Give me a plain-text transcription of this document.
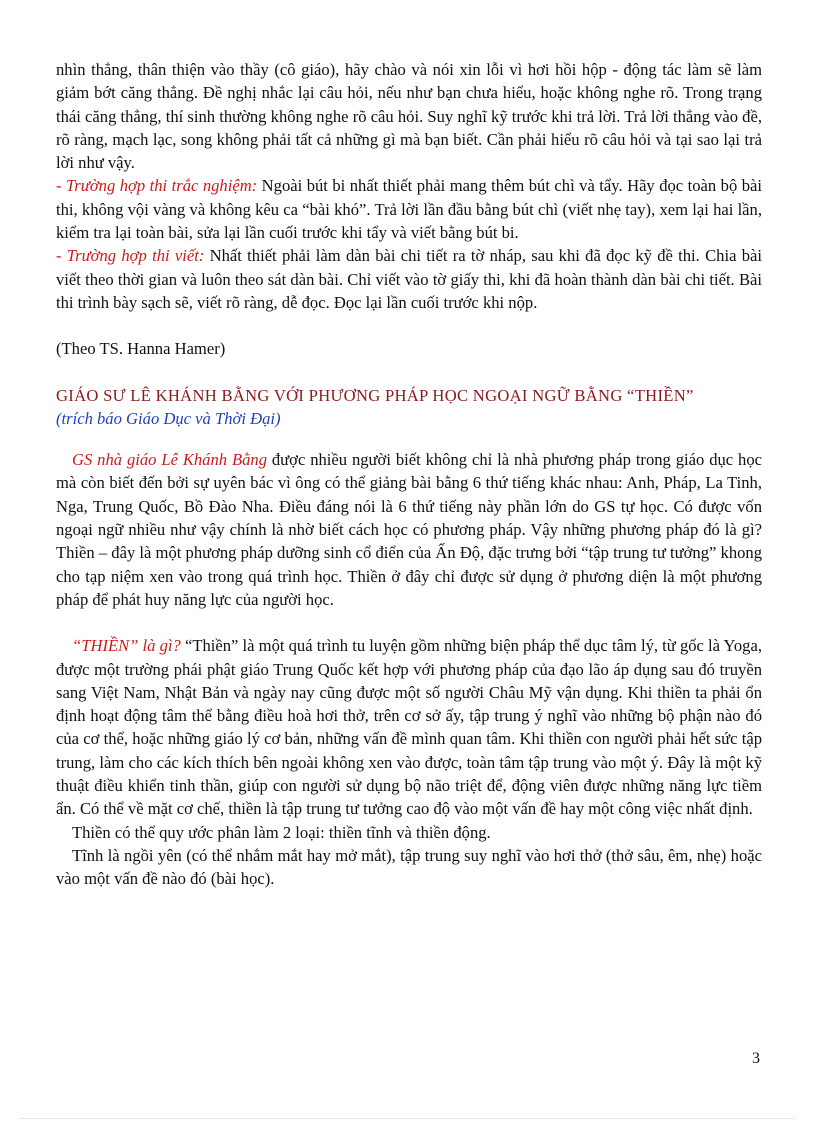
nhìn thẳng, thân thiện vào thầy (cô giáo), hãy chào và nói xin lỗi vì hơi hồi hộp - động tác làm sẽ làm giảm bớt căng thẳng. Đề nghị nhắc lại câu hỏi, nếu như bạn chưa hiểu, hoặc không nghe rõ. Trong trạng thái căng thẳng, thí sinh thường không nghe rõ câu hỏi. Suy nghĩ kỹ trước khi trả lời. Trả lời thẳng vào đề, rõ ràng, mạch lạc, song không phải tất cả những gì mà bạn biết. Cần phải hiểu rõ câu hỏi và tại sao lại trả lời như vậy.

- Trường hợp thi trắc nghiệm: Ngoài bút bi nhất thiết phải mang thêm bút chì và tẩy. Hãy đọc toàn bộ bài thi, không vội vàng và không kêu ca “bài khó”. Trả lời lần đầu bằng bút chì (viết nhẹ tay), xem lại hai lần, kiểm tra lại toàn bài, sửa lại lần cuối trước khi tẩy và viết bằng bút bi.

- Trường hợp thi viết: Nhất thiết phải làm dàn bài chi tiết ra tờ nháp, sau khi đã đọc kỹ đề thi. Chia bài viết theo thời gian và luôn theo sát dàn bài. Chỉ viết vào tờ giấy thi, khi đã hoàn thành dàn bài chi tiết. Bài thi trình bày sạch sẽ, viết rõ ràng, dễ đọc. Đọc lại lần cuối trước khi nộp.

(Theo TS. Hanna Hamer)

GIÁO SƯ LÊ KHÁNH BẰNG VỚI PHƯƠNG PHÁP HỌC NGOẠI NGỮ BẰNG “THIỀN”

(trích báo Giáo Dục và Thời Đại)

GS nhà giáo Lê Khánh Bằng được nhiều người biết không chỉ là nhà phương pháp trong giáo dục học mà còn biết đến bởi sự uyên bác vì ông có thể giảng bài bằng 6 thứ tiếng khác nhau: Anh, Pháp, La Tinh, Nga, Trung Quốc, Bồ Đào Nha. Điều đáng nói là 6 thứ tiếng này phần lớn do GS tự học. Có được vốn ngoại ngữ nhiều như vậy chính là nhờ biết cách học có phương pháp. Vậy những phương pháp đó là gì? Thiền – đây là một phương pháp dưỡng sinh cổ điển của Ấn Độ, đặc trưng bởi “tập trung tư tưởng” khong cho tạp niệm xen vào trong quá trình học. Thiền ở đây chỉ được sử dụng ở phương diện là một phương pháp để phát huy năng lực của người học.

“THIỀN” là gì? “Thiền” là một quá trình tu luyện gồm những biện pháp thể dục tâm lý, từ gốc là Yoga, được một trường phái phật giáo Trung Quốc kết hợp với phương pháp của đạo lão áp dụng sau đó truyền sang Việt Nam, Nhật Bản và ngày nay cũng được một số người Châu Mỹ vận dụng. Khi thiền ta phải ổn định hoạt động tâm thể bằng điều hoà hơi thở, trên cơ sở ấy, tập trung ý nghĩ vào những bộ phận nào đó của cơ thể, hoặc những giáo lý cơ bản, những vấn đề mình quan tâm. Khi thiền con người phải hết sức tập trung, làm cho các kích thích bên ngoài không xen vào được, toàn tâm tập trung vào một ý. Đây là một kỹ thuật điều khiển tinh thần, giúp con người sử dụng bộ não triệt để, động viên được những năng lực tiềm ẩn. Có thể về mặt cơ chế, thiền là tập trung tư tưởng cao độ vào một vấn đề hay một công việc nhất định.

Thiền có thể quy ước phân làm 2 loại: thiền tĩnh và thiền động.

Tĩnh là ngồi yên (có thể nhắm mắt hay mở mắt), tập trung suy nghĩ vào hơi thở (thở sâu, êm, nhẹ) hoặc vào một vấn đề nào đó (bài học).

3
